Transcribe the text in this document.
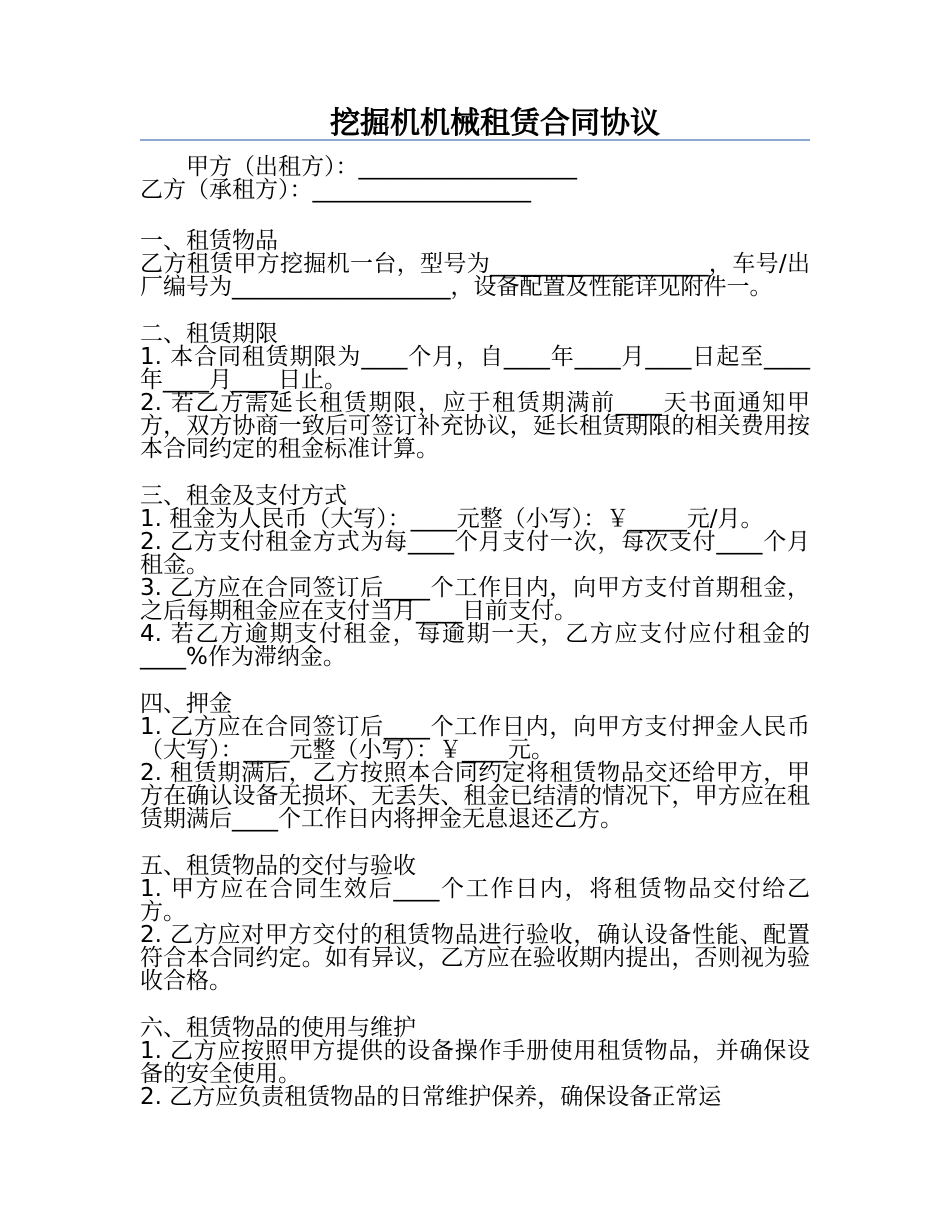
挖掘机机械租赁合同协议
甲方（出租方）：___________________
乙方（承租方）：___________________
一、租赁物品
乙方租赁甲方挖掘机一台，型号为___________________，车号/出厂编号为___________________，设备配置及性能详见附件一。
二、租赁期限
1. 本合同租赁期限为____个月，自____年____月____日起至____年____月____日止。
2. 若乙方需延长租赁期限，应于租赁期满前____天书面通知甲方，双方协商一致后可签订补充协议，延长租赁期限的相关费用按本合同约定的租金标准计算。
三、租金及支付方式
1. 租金为人民币（大写）：____元整（小写）：￥_____元/月。
2. 乙方支付租金方式为每____个月支付一次，每次支付____个月租金。
3. 乙方应在合同签订后____个工作日内，向甲方支付首期租金，之后每期租金应在支付当月____日前支付。
4. 若乙方逾期支付租金，每逾期一天，乙方应支付应付租金的____%作为滞纳金。
四、押金
1. 乙方应在合同签订后____个工作日内，向甲方支付押金人民币（大写）：____元整（小写）：￥____元。
2. 租赁期满后，乙方按照本合同约定将租赁物品交还给甲方，甲方在确认设备无损坏、无丢失、租金已结清的情况下，甲方应在租赁期满后____个工作日内将押金无息退还乙方。
五、租赁物品的交付与验收
1. 甲方应在合同生效后____个工作日内，将租赁物品交付给乙方。
2. 乙方应对甲方交付的租赁物品进行验收，确认设备性能、配置符合本合同约定。如有异议，乙方应在验收期内提出，否则视为验收合格。
六、租赁物品的使用与维护
1. 乙方应按照甲方提供的设备操作手册使用租赁物品，并确保设备的安全使用。
2. 乙方应负责租赁物品的日常维护保养，确保设备正常运
